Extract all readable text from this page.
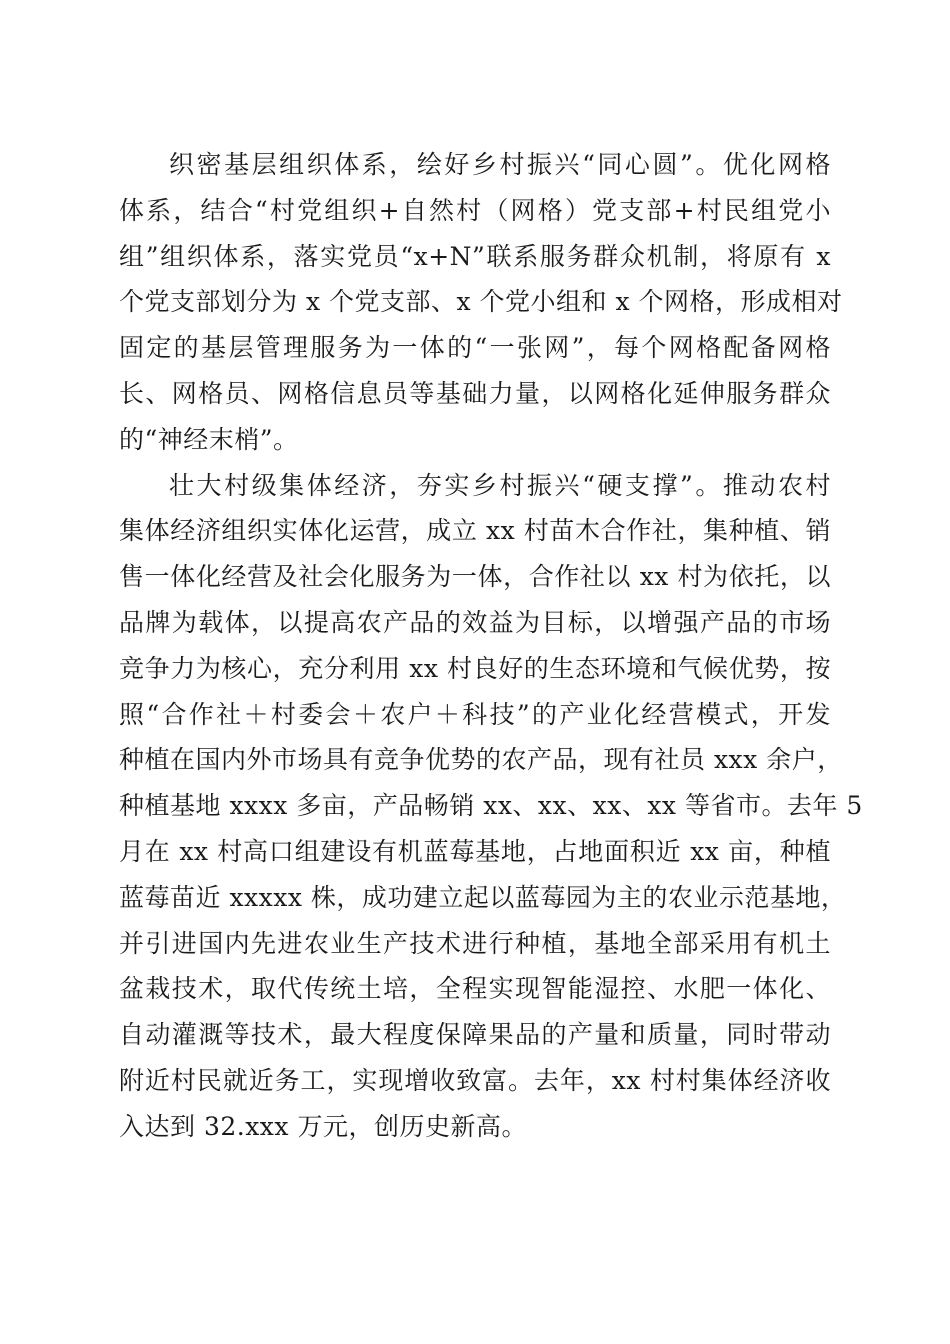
织密基层组织体系，绘好乡村振兴“同心圆”。优化网格
体系，结合“村党组织+自然村（网格）党支部+村民组党小
组”组织体系，落实党员“x+N”联系服务群众机制，将原有 x
个党支部划分为 x 个党支部、x 个党小组和 x 个网格，形成相对
固定的基层管理服务为一体的“一张网”，每个网格配备网格
长、网格员、网格信息员等基础力量，以网格化延伸服务群众
的“神经末梢”。
壮大村级集体经济，夯实乡村振兴“硬支撑”。推动农村
集体经济组织实体化运营，成立 xx 村苗木合作社，集种植、销
售一体化经营及社会化服务为一体，合作社以 xx 村为依托，以
品牌为载体，以提高农产品的效益为目标，以增强产品的市场
竞争力为核心，充分利用 xx 村良好的生态环境和气候优势，按
照“合作社＋村委会＋农户＋科技”的产业化经营模式，开发
种植在国内外市场具有竞争优势的农产品，现有社员 xxx 余户，
种植基地 xxxx 多亩，产品畅销 xx、xx、xx、xx 等省市。去年 5
月在 xx 村高口组建设有机蓝莓基地，占地面积近 xx 亩，种植
蓝莓苗近 xxxxx 株，成功建立起以蓝莓园为主的农业示范基地，
并引进国内先进农业生产技术进行种植，基地全部采用有机土
盆栽技术，取代传统土培，全程实现智能湿控、水肥一体化、
自动灌溉等技术，最大程度保障果品的产量和质量，同时带动
附近村民就近务工，实现增收致富。去年，xx 村村集体经济收
入达到 32.xxx 万元，创历史新高。
